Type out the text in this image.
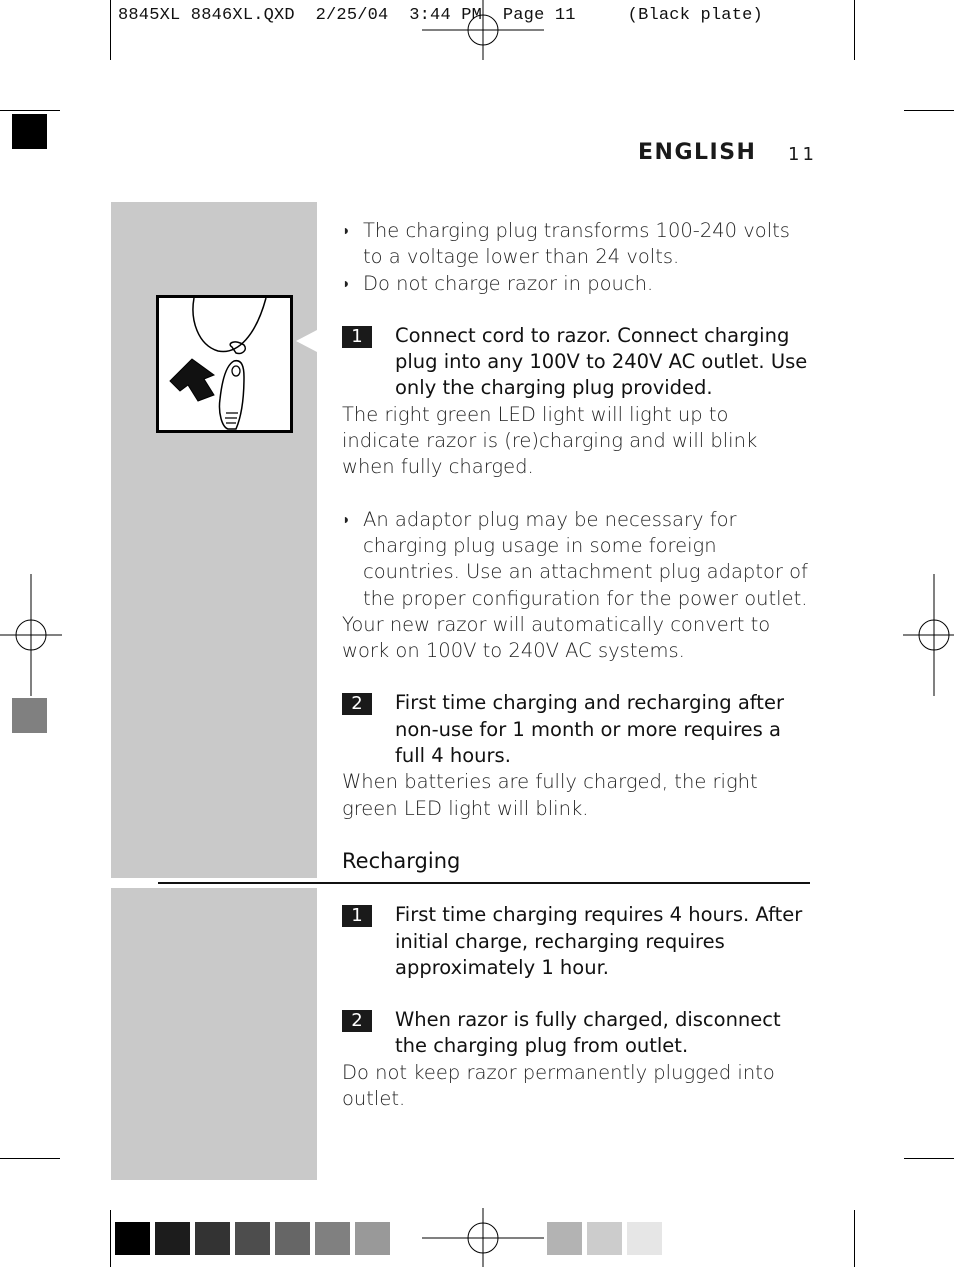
8845XL 8846XL.QXD  2/25/04  3:44 PM  Page 11     (Black plate)
ENGLISH 11
◗ The charging plug transforms 100-240 volts to a voltage lower than 24 volts.
◗ Do not charge razor in pouch.
1	Connect cord to razor. Connect charging plug into any 100V to 240V AC outlet. Use only the charging plug provided.

The right green LED light will light up to indicate razor is (re)charging and will blink when fully charged.

◗ An adaptor plug may be necessary for charging plug usage in some foreign countries. Use an attachment plug adaptor of the proper configuration for the power outlet.

Your new razor will automatically convert to work on 100V to 240V AC systems.

2	First time charging and recharging after non-use for 1 month or more requires a full 4 hours.

When batteries are fully charged, the right green LED light will blink.

Recharging
1	First time charging requires 4 hours. After initial charge, recharging requires approximately 1 hour.
2	When razor is fully charged, disconnect the charging plug from outlet.

Do not keep razor permanently plugged into outlet.
